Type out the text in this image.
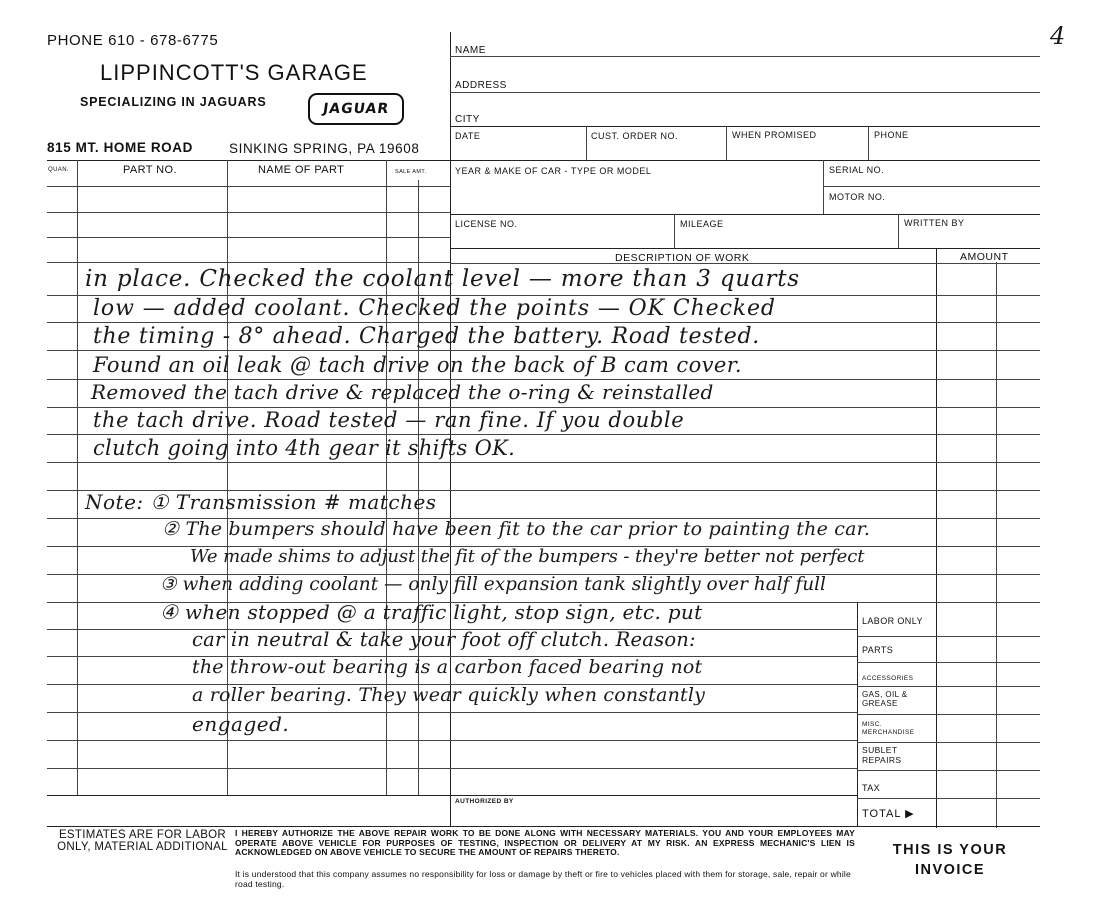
PHONE 610 - 678-6775
LIPPINCOTT'S GARAGE
SPECIALIZING IN JAGUARS	JAGUAR
815 MT. HOME ROAD	SINKING SPRING, PA 19608
4
QUAN.	PART NO.	NAME OF PART	SALE AMT.
NAME
ADDRESS
CITY
DATE	CUST. ORDER NO.	WHEN PROMISED	PHONE
YEAR & MAKE OF CAR - TYPE OR MODEL	SERIAL NO.
MOTOR NO.
LICENSE NO.	MILEAGE	WRITTEN BY
DESCRIPTION OF WORK	AMOUNT
LABOR ONLY
PARTS
ACCESSORIES
GAS, OIL & GREASE
MISC. MERCHANDISE
SUBLET REPAIRS
TAX
TOTAL ▶
AUTHORIZED BY
in place. Checked the coolant level — more than 3 quarts
low — added coolant. Checked the points — OK Checked
the timing - 8° ahead. Charged the battery. Road tested.
Found an oil leak @ tach drive on the back of B cam cover.
Removed the tach drive & replaced the o-ring & reinstalled
the tach drive. Road tested — ran fine. If you double
clutch going into 4th gear it shifts OK.
Note: ① Transmission # matches
② The bumpers should have been fit to the car prior to painting the car.
We made shims to adjust the fit of the bumpers - they're better not perfect
③ when adding coolant — only fill expansion tank slightly over half full
④ when stopped @ a traffic light, stop sign, etc. put
car in neutral & take your foot off clutch. Reason:
the throw-out bearing is a carbon faced bearing not
a roller bearing. They wear quickly when constantly
engaged.
ESTIMATES ARE FOR LABOR ONLY, MATERIAL ADDITIONAL
I HEREBY AUTHORIZE THE ABOVE REPAIR WORK TO BE DONE ALONG WITH NECESSARY MATERIALS. YOU AND YOUR EMPLOYEES MAY OPERATE ABOVE VEHICLE FOR PURPOSES OF TESTING, INSPECTION OR DELIVERY AT MY RISK. AN EXPRESS MECHANIC'S LIEN IS ACKNOWLEDGED ON ABOVE VEHICLE TO SECURE THE AMOUNT OF REPAIRS THERETO.
It is understood that this company assumes no responsibility for loss or damage by theft or fire to vehicles placed with them for storage, sale, repair or while road testing.
THIS IS YOUR INVOICE
